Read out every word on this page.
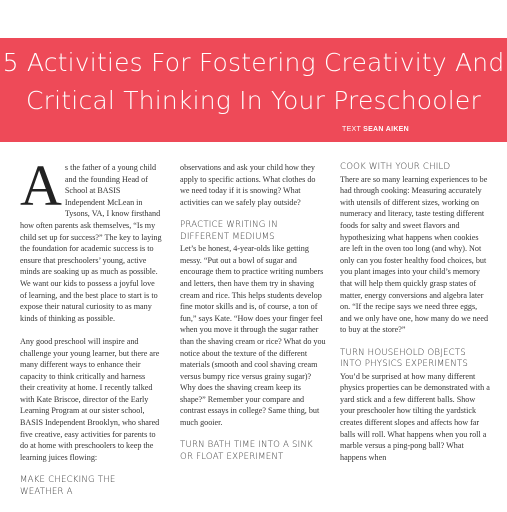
5 Activities For Fostering Creativity And
Critical Thinking In Your Preschooler
TEXT SEAN AIKEN

As the father of a young child and the founding Head of School at BASIS Independent McLean in Tysons, VA, I know firsthand how often parents ask themselves, “Is my child set up for success?” The key to laying the foundation for academic success is to ensure that preschoolers’ young, active minds are soaking up as much as possible. We want our kids to possess a joyful love of learning, and the best place to start is to expose their natural curiosity to as many kinds of thinking as possible.

Any good preschool will inspire and challenge your young learner, but there are many different ways to enhance their capacity to think critically and harness their creativity at home. I recently talked with Kate Briscoe, director of the Early Learning Program at our sister school, BASIS Independent Brooklyn, who shared five creative, easy activities for parents to do at home with preschoolers to keep the learning juices flowing:

MAKE CHECKING THE WEATHER A

observations and ask your child how they apply to specific actions. What clothes do we need today if it is snowing? What activities can we safely play outside?

PRACTICE WRITING IN DIFFERENT MEDIUMS

Let’s be honest, 4-year-olds like getting messy. “Put out a bowl of sugar and encourage them to practice writing numbers and letters, then have them try in shaving cream and rice. This helps students develop fine motor skills and is, of course, a ton of fun,” says Kate. “How does your finger feel when you move it through the sugar rather than the shaving cream or rice? What do you notice about the texture of the different materials (smooth and cool shaving cream versus bumpy rice versus grainy sugar)? Why does the shaving cream keep its shape?” Remember your compare and contrast essays in college? Same thing, but much gooier.

TURN BATH TIME INTO A SINK OR FLOAT EXPERIMENT

COOK WITH YOUR CHILD

There are so many learning experiences to be had through cooking: Measuring accurately with utensils of different sizes, working on numeracy and literacy, taste testing different foods for salty and sweet flavors and hypothesizing what happens when cookies are left in the oven too long (and why). Not only can you foster healthy food choices, but you plant images into your child’s memory that will help them quickly grasp states of matter, energy conversions and algebra later on. “If the recipe says we need three eggs, and we only have one, how many do we need to buy at the store?”

TURN HOUSEHOLD OBJECTS INTO PHYSICS EXPERIMENTS

You’d be surprised at how many different physics properties can be demonstrated with a yard stick and a few different balls. Show your preschooler how tilting the yardstick creates different slopes and affects how far balls will roll. What happens when you roll a marble versus a ping-pong ball? What happens when
